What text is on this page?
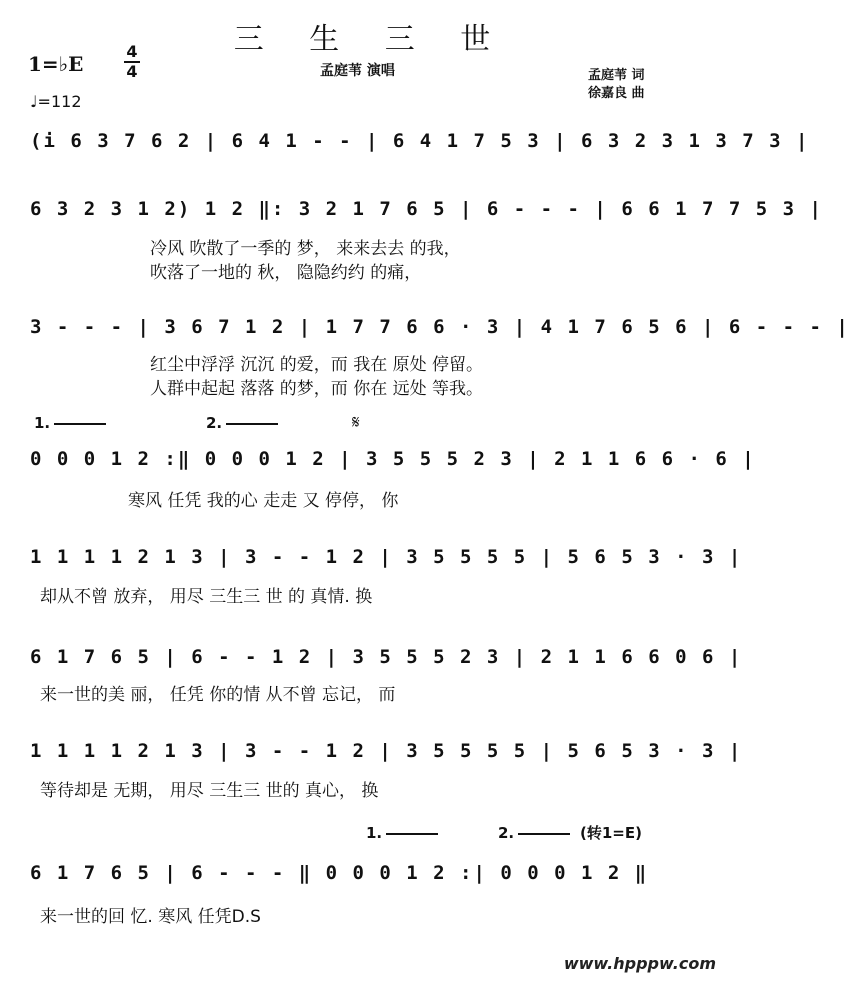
三 生 三 世
1=♭E
4
4	孟庭苇 演唱	孟庭苇 词
徐嘉良 曲
♩=112
(i 6 3 7 6 2 | 6 4 1 - - | 6 4 1 7 5 3 | 6 3 2 3 1 3 7 3 |
6 3 2 3 1 2) 1 2 ‖: 3 2 1 7 6 5 | 6 - - - | 6 6 1 7 7 5 3 |
冷风 吹散了一季的 梦， 来来去去 的我，
吹落了一地的 秋， 隐隐约约 的痛，
3 - - - | 3 6 7 1 2 | 1 7 7 6 6 · 3 | 4 1 7 6 5 6 | 6 - - - |
红尘中浮浮 沉沉 的爱，而 我在 原处 停留。
人群中起起 落落 的梦，而 你在 远处 等我。
1.	2.	𝄋
0 0 0 1 2 :‖ 0 0 0 1 2 | 3 5 5 5 2 3 | 2 1 1 6 6 · 6 |
寒风 任凭 我的心 走走 又 停停， 你
1 1 1 1 2 1 3 | 3 - - 1 2 | 3 5 5 5 5 | 5 6 5 3 · 3 |
却从不曾 放弃， 用尽 三生三 世 的 真情. 换
6 1 7 6 5 | 6 - - 1 2 | 3 5 5 5 2 3 | 2 1 1 6 6 0 6 |
来一世的美 丽， 任凭 你的情 从不曾 忘记， 而
1 1 1 1 2 1 3 | 3 - - 1 2 | 3 5 5 5 5 | 5 6 5 3 · 3 |
等待却是 无期， 用尽 三生三 世的 真心， 换
1.	2.	(转1=E)
6 1 7 6 5 | 6 - - - ‖ 0 0 0 1 2 :| 0 0 0 1 2 ‖
来一世的回 忆. 寒风 任凭D.S
www.hpppw.com
